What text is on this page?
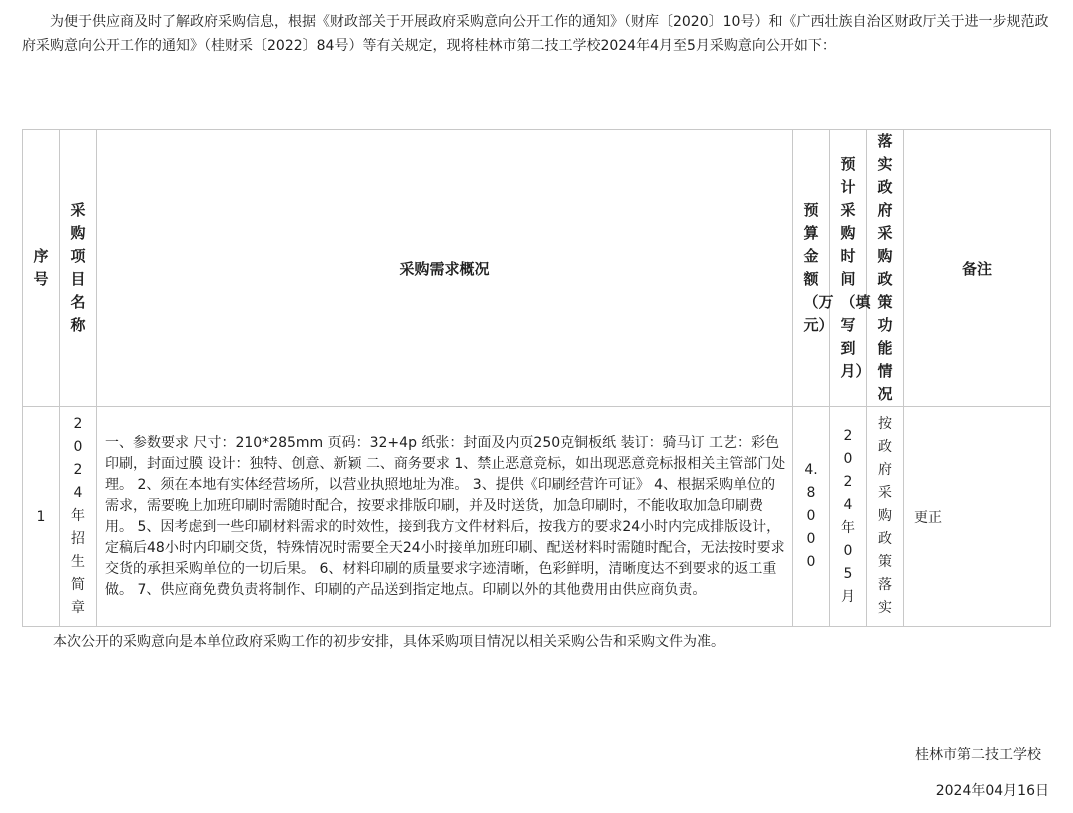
为便于供应商及时了解政府采购信息，根据《财政部关于开展政府采购意向公开工作的通知》（财库〔2020〕10号）和《广西壮族自治区财政厅关于进一步规范政府采购意向公开工作的通知》（桂财采〔2022〕84号）等有关规定，现将桂林市第二技工学校2024年4月至5月采购意向公开如下：

序号	采购项目名称	采购需求概况	预算金额（万元）	预计采购时间（填写到月）	落实政府采购政策功能情况	备注
1	2024年招生简章	一、参数要求 尺寸：210*285mm 页码：32+4p 纸张：封面及内页250克铜板纸 装订：骑马订 工艺：彩色印刷，封面过膜 设计：独特、创意、新颖 二、商务要求 1、禁止恶意竞标，如出现恶意竞标报相关主管部门处理。 2、须在本地有实体经营场所，以营业执照地址为准。 3、提供《印刷经营许可证》 4、根据采购单位的需求，需要晚上加班印刷时需随时配合，按要求排版印刷，并及时送货，加急印刷时，不能收取加急印刷费用。 5、因考虑到一些印刷材料需求的时效性，接到我方文件材料后，按我方的要求24小时内完成排版设计，定稿后48小时内印刷交货，特殊情况时需要全天24小时接单加班印刷、配送材料时需随时配合，无法按时要求交货的承担采购单位的一切后果。 6、材料印刷的质量要求字迹清晰，色彩鲜明，清晰度达不到要求的返工重做。 7、供应商免费负责将制作、印刷的产品送到指定地点。印刷以外的其他费用由供应商负责。	4.8000	2024年05月	按政府采购政策落实	更正
本次公开的采购意向是本单位政府采购工作的初步安排，具体采购项目情况以相关采购公告和采购文件为准。
桂林市第二技工学校
2024年04月16日
